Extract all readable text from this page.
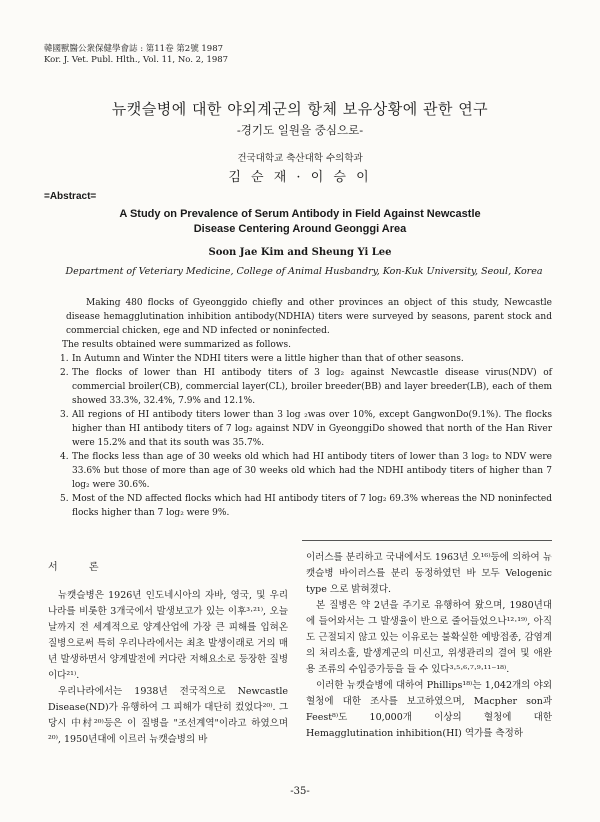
韓國獸醫公衆保健學會誌 : 第11卷 第2號 1987
Kor. J. Vet. Publ. Hlth., Vol. 11, No. 2, 1987
뉴캣슬병에 대한 야외계군의 항체 보유상황에 관한 연구
-경기도 일원을 중심으로-
건국대학교 축산대학 수의학과
김 순 재 · 이 승 이
=Abstract=
A Study on Prevalence of Serum Antibody in Field Against Newcastle
Disease Centering Around Geonggi Area
Soon Jae Kim and Sheung Yi Lee
Department of Veteriary Medicine, College of Animal Husbandry, Kon-Kuk University, Seoul, Korea

Making 480 flocks of Gyeonggido chiefly and other provinces an object of this study, Newcastle disease hemagglutination inhibition antibody(NDHIA) titers were surveyed by seasons, parent stock and commercial chicken, ege and ND infected or noninfected.

The results obtained were summarized as follows.

1. In Autumn and Winter the NDHI titers were a little higher than that of other seasons.
2. The flocks of lower than HI antibody titers of 3 log₂ against Newcastle disease virus(NDV) of commercial broiler(CB), commercial layer(CL), broiler breeder(BB) and layer breeder(LB), each of them showed 33.3%, 32.4%, 7.9% and 12.1%.
3. All regions of HI antibody titers lower than 3 log ₂was over 10%, except GangwonDo(9.1%). The flocks higher than HI antibody titers of 7 log₂ against NDV in GyeonggiDo showed that north of the Han River were 15.2% and that its south was 35.7%.
4. The flocks less than age of 30 weeks old which had HI antibody titers of lower than 3 log₂ to NDV were 33.6% but those of more than age of 30 weeks old which had the NDHI antibody titers of higher than 7 log₂ were 30.6%.
5. Most of the ND affected flocks which had HI antibody titers of 7 log₂ 69.3% whereas the ND noninfected flocks higher than 7 log₂ were 9%.

서 론

뉴캣슬병은 1926년 인도네시아의 자바, 영국, 및 우리나라를 비롯한 3개국에서 발생보고가 있는 이후³·²¹⁾, 오늘날까지 전 세계적으로 양계산업에 가장 큰 피해를 입혀온 질병으로써 특히 우리나라에서는 최초 발생이래로 거의 매년 발생하면서 양계발전에 커다란 저해요소로 등장한 질병이다²¹⁾.

우리나라에서는 1938년 전국적으로 Newcastle Disease(ND)가 유행하여 그 피해가 대단히 컸었다²⁰⁾. 그 당시 中村²⁰⁾등은 이 질병을 "조선계역"이라고 하였으며²⁰⁾, 1950년대에 이르러 뉴캣슬병의 바

이러스를 분리하고 국내에서도 1963년 오¹⁶⁾등에 의하여 뉴캣슬병 바이러스를 분리 동정하였던 바 모두 Velogenic type 으로 밝혀졌다.

본 질병은 약 2년을 주기로 유행하여 왔으며, 1980년대에 들어와서는 그 발생율이 반으로 줄어들었으나¹²·¹⁹⁾, 아직도 근절되지 않고 있는 이유로는 불확실한 예방접종, 감염계의 처리소홀, 발생계군의 미신고, 위생관리의 결여 및 애완용 조류의 수입증가등을 들 수 있다³·⁵·⁶·⁷·⁹·¹¹⁻¹⁸⁾.

이러한 뉴캣슬병에 대하여 Phillips¹⁸⁾는 1,042개의 야외혈청에 대한 조사를 보고하였으며, Macpher son과 Feest⁸⁾도 10,000개 이상의 혈청에 대한 Hemagglutination inhibition(HI) 역가를 측정하

-35-
